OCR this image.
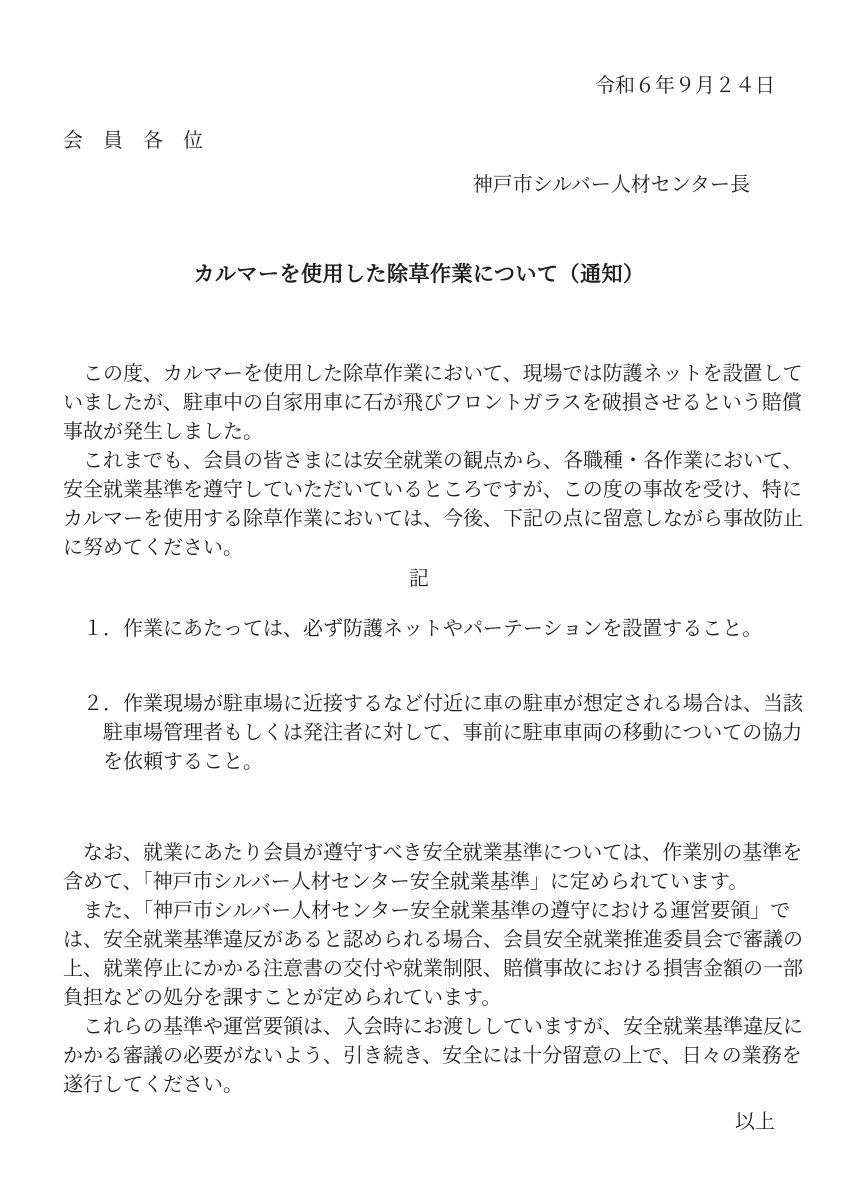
令和６年９月２４日
会　員　各　位
神戸市シルバー人材センター長
カルマーを使用した除草作業について（通知）
　この度、カルマーを使用した除草作業において、現場では防護ネットを設置して
いましたが、駐車中の自家用車に石が飛びフロントガラスを破損させるという賠償
事故が発生しました。
　これまでも、会員の皆さまには安全就業の観点から、各職種・各作業において、
安全就業基準を遵守していただいているところですが、この度の事故を受け、特に
カルマーを使用する除草作業においては、今後、下記の点に留意しながら事故防止
に努めてください。
記
１．作業にあたっては、必ず防護ネットやパーテーションを設置すること。
２．作業現場が駐車場に近接するなど付近に車の駐車が想定される場合は、当該
　駐車場管理者もしくは発注者に対して、事前に駐車車両の移動についての協力
　を依頼すること。
　なお、就業にあたり会員が遵守すべき安全就業基準については、作業別の基準を
含めて、「神戸市シルバー人材センター安全就業基準」に定められています。
　また、「神戸市シルバー人材センター安全就業基準の遵守における運営要領」で
は、安全就業基準違反があると認められる場合、会員安全就業推進委員会で審議の
上、就業停止にかかる注意書の交付や就業制限、賠償事故における損害金額の一部
負担などの処分を課すことが定められています。
　これらの基準や運営要領は、入会時にお渡ししていますが、安全就業基準違反に
かかる審議の必要がないよう、引き続き、安全には十分留意の上で、日々の業務を
遂行してください。
以上
